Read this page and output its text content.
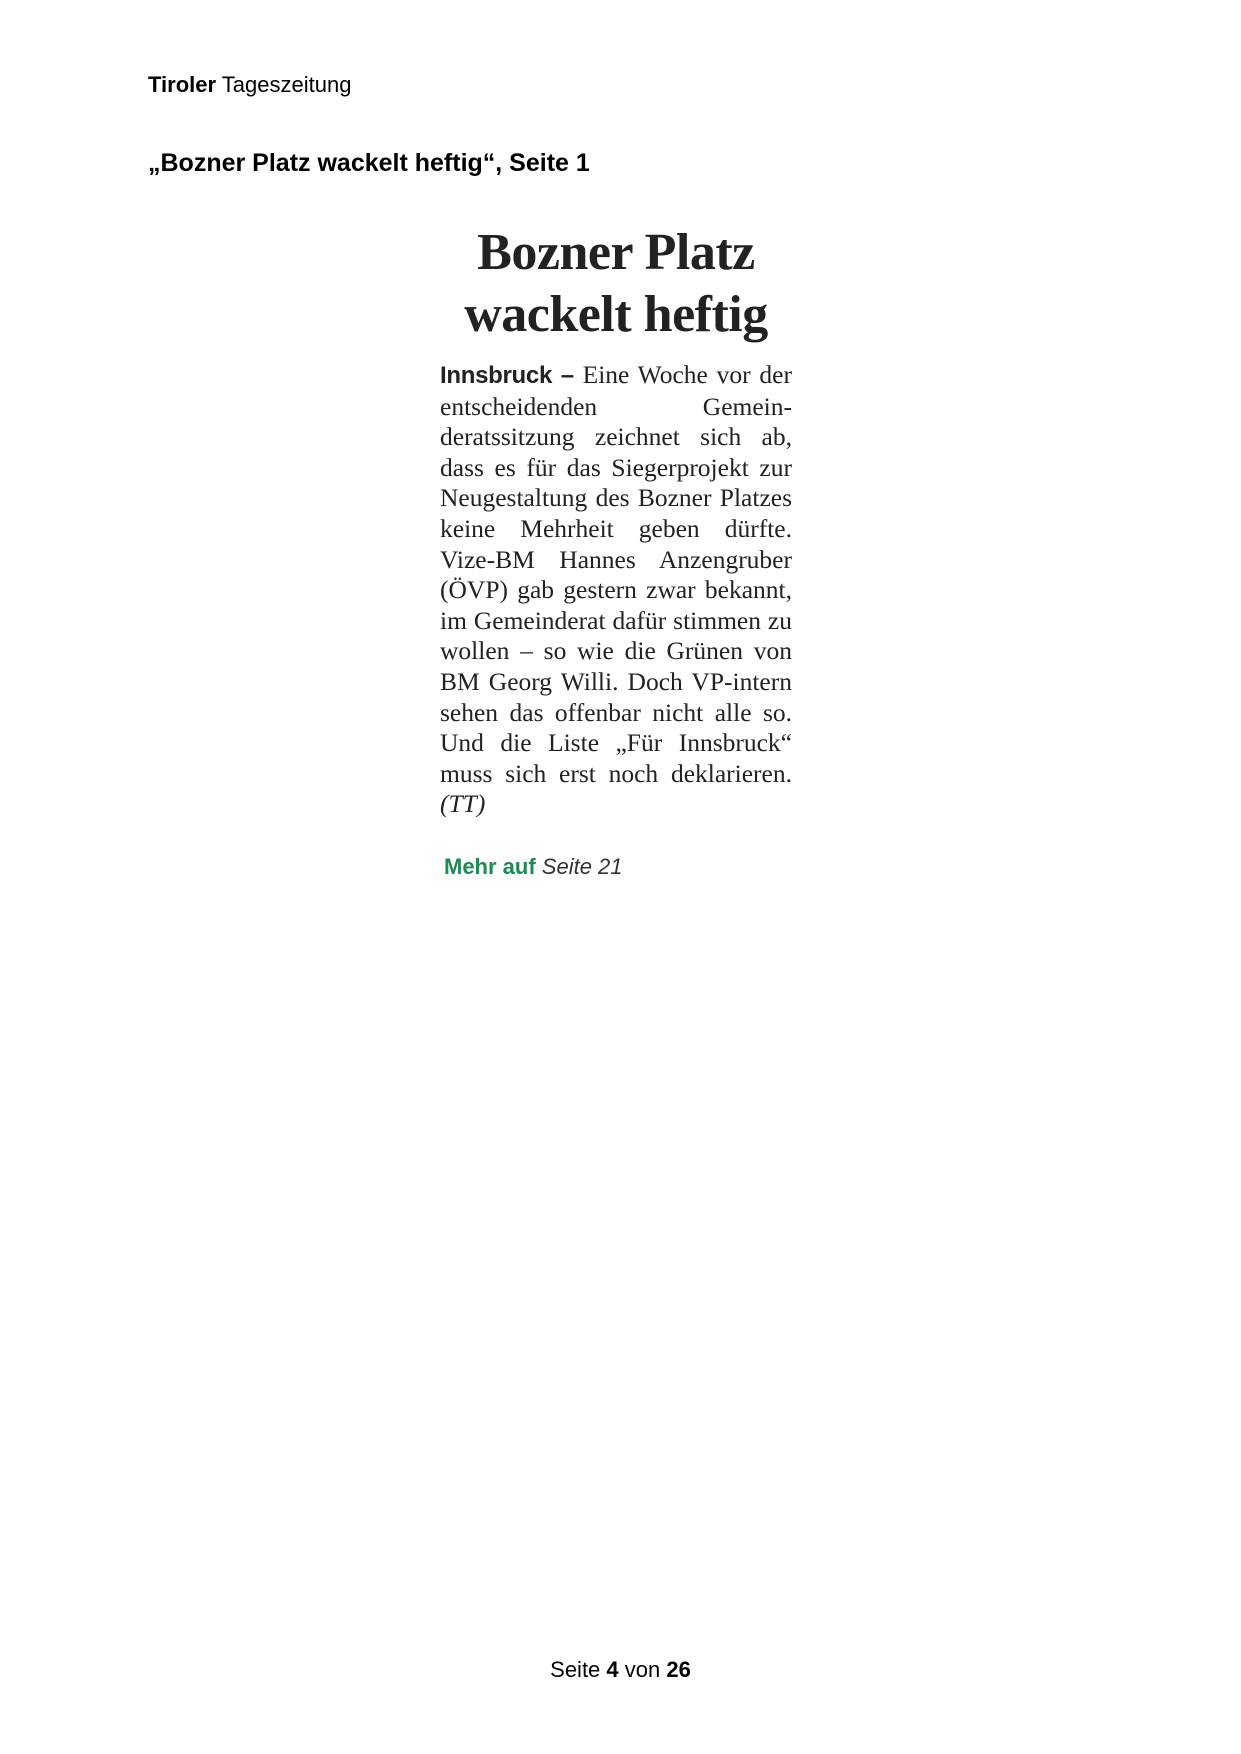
Tiroler Tageszeitung
„Bozner Platz wackelt heftig“, Seite 1
Bozner Platz
wackelt heftig

Innsbruck – Eine Woche vor der entscheidenden Gemeinderatssitzung zeichnet sich ab, dass es für das Siegerprojekt zur Neugestaltung des Bozner Platzes keine Mehrheit geben dürfte. Vize-BM Hannes Anzengruber (ÖVP) gab gestern zwar bekannt, im Gemeinderat dafür stimmen zu wollen – so wie die Grünen von BM Georg Willi. Doch VP-intern sehen das offenbar nicht alle so. Und die Liste „Für Innsbruck“ muss sich erst noch deklarieren. (TT)

Mehr auf Seite 21
Seite 4 von 26
